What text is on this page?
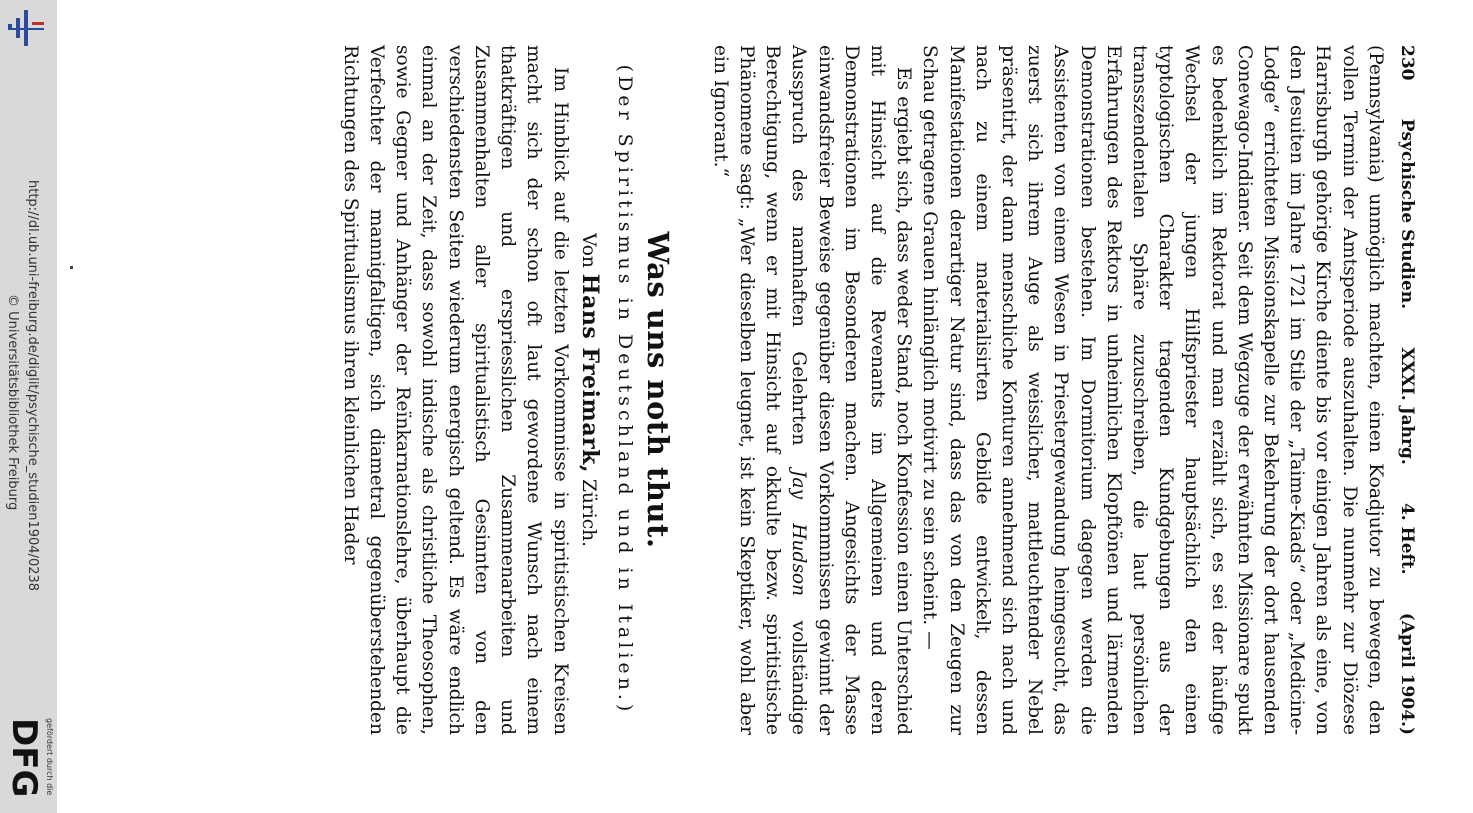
http://dl.ub.uni-freiburg.de/diglit/psychische_studien1904/0238
© Universitätsbibliothek Freiburg
gefördert durch die
DFG
230
Psychische Studien.
XXXI. Jahrg.
4. Heft.
(April 1904.)

(Pennsylvania) unmöglich machten, einen Koadjutor zu bewegen, den vollen Termin der Amtsperiode auszuhalten. Die nunmehr zur Diözese Harrisburgh gehörige Kirche diente bis vor einigen Jahren als eine, von den Jesuiten im Jahre 1721 im Stile der „Taime-Kiads“ oder „Medicine-Lodge“ errichteten Missionskapelle zur Bekehrung der dort hausenden Conewago-Indianer. Seit dem Wegzuge der erwähnten Missionare spukt es bedenklich im Rektorat und man erzählt sich, es sei der häufige Wechsel der jungen Hilfspriester hauptsächlich den einen typtologischen Charakter tragenden Kundgebungen aus der transszendentalen Sphäre zuzuschreiben, die laut persönlichen Erfahrungen des Rektors in unheimlichen Klopftönen und lärmenden Demonstrationen bestehen. Im Dormitorium dagegen werden die Assistenten von einem Wesen in Priestergewandung heimgesucht, das zuerst sich ihrem Auge als weisslicher, mattleuchtender Nebel präsentirt, der dann menschliche Konturen annehmend sich nach und nach zu einem materialisirten Gebilde entwickelt, dessen Manifestationen derartiger Natur sind, dass das von den Zeugen zur Schau getragene Grauen hinlänglich motivirt zu sein scheint. —

Es ergiebt sich, dass weder Stand, noch Konfession einen Unterschied mit Hinsicht auf die Revenants im Allgemeinen und deren Demonstrationen im Besonderen machen. Angesichts der Masse einwandsfreier Beweise gegenüber diesen Vorkommnissen gewinnt der Ausspruch des namhaften Gelehrten Jay Hudson vollständige Berechtigung, wenn er mit Hinsicht auf okkulte bezw. spiritistische Phänomene sagt: „Wer dieselben leugnet, ist kein Skeptiker, wohl aber ein Ignorant.“

Was uns noth thut.
(Der Spiritismus in Deutschland und in Italien.)
Von Hans Freimark, Zürich.

Im Hinblick auf die letzten Vorkommnisse in spiritistischen Kreisen macht sich der schon oft laut gewordene Wunsch nach einem thatkräftigen und erspriesslichen Zusammenarbeiten und Zusammenhalten aller spiritualistisch Gesinnten von den verschiedensten Seiten wiederum energisch geltend. Es wäre endlich einmal an der Zeit, dass sowohl indische als christliche Theosophen, sowie Gegner und Anhänger der Reïnkarnationslehre, überhaupt die Verfechter der mannigfaltigen, sich diametral gegenüberstehenden Richtungen des Spiritualismus ihren kleinlichen Hader
